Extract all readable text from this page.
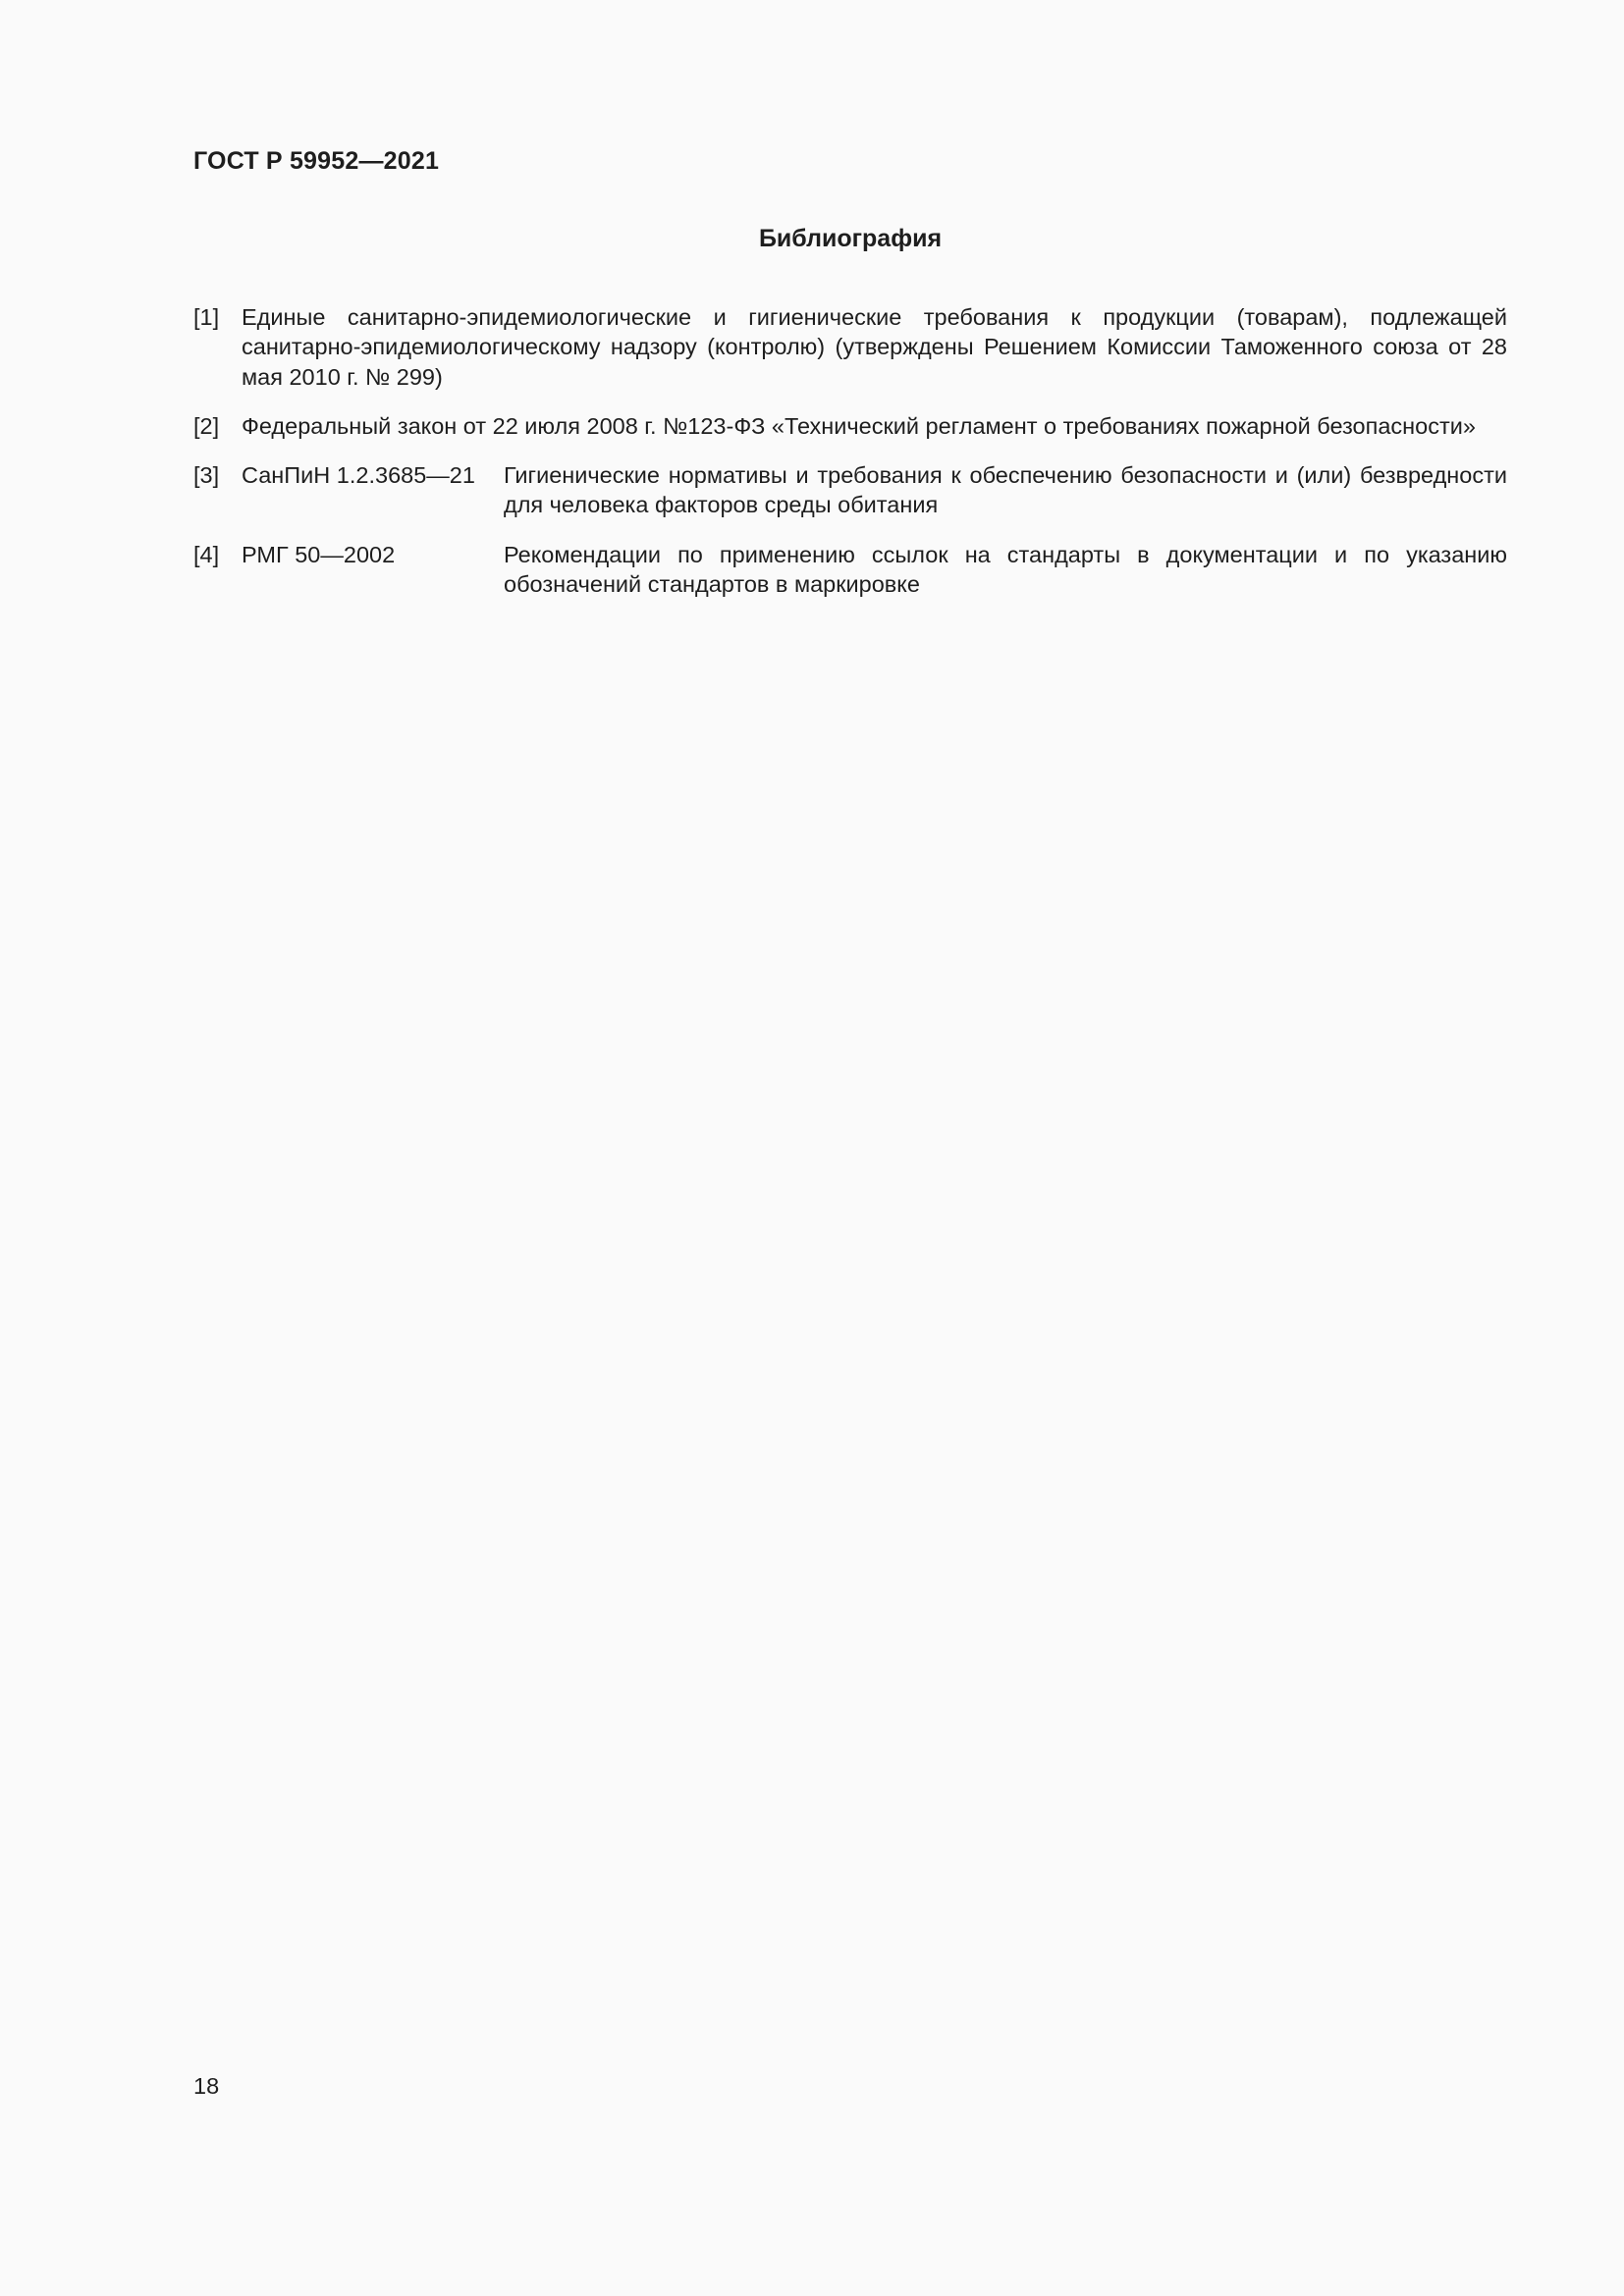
ГОСТ Р 59952—2021
Библиография
[1] Единые санитарно-эпидемиологические и гигиенические требования к продукции (товарам), подлежащей санитарно-эпидемиологическому надзору (контролю) (утверждены Решением Комиссии Таможенного союза от 28 мая 2010 г. № 299)
[2] Федеральный закон от 22 июля 2008 г. №123-ФЗ «Технический регламент о требованиях пожарной безопасности»
[3] СанПиН 1.2.3685—21	Гигиенические нормативы и требования к обеспечению безопасности и (или) безвредности для человека факторов среды обитания
[4] РМГ 50—2002	Рекомендации по применению ссылок на стандарты в документации и по указанию обозначений стандартов в маркировке
18
